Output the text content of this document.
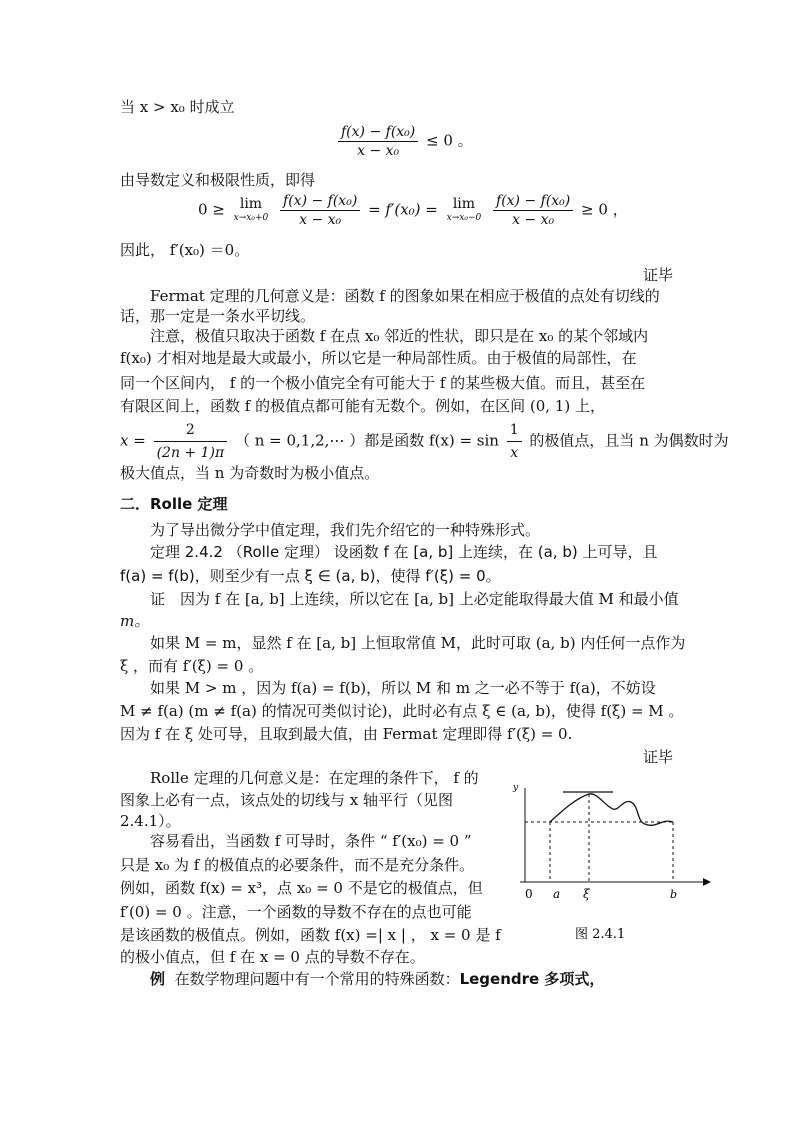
当 x > x₀ 时成立
$\frac{\text{f(x) − f(x₀)}}{\text{x − x₀}} \le 0$ 。
由导数定义和极限性质，即得
0 ≥	lim
x→x₀+0
$\frac{\text{f(x) − f(x₀)}}{\text{x − x₀}} = f'(x_0)$ =	lim
x→x₀−0
$\frac{\text{f(x) − f(x₀)}}{\text{x − x₀}} \ge 0$ ，
因此， f′(x₀) ＝0。
证毕
Fermat 定理的几何意义是：函数 f 的图象如果在相应于极值的点处有切线的
话，那一定是一条水平切线。
注意，极值只取决于函数 f 在点 x₀ 邻近的性状，即只是在 x₀ 的某个邻域内
f(x₀) 才相对地是最大或最小，所以它是一种局部性质。由于极值的局部性，在
同一个区间内， f 的一个极小值完全有可能大于 f 的某些极大值。而且，甚至在
有限区间上，函数 f 的极值点都可能有无数个。例如，在区间 (0, 1) 上，
$x = \frac{2}{(2n + 1)\pi}$ （ n = 0,1,2,⋯ ）都是函数 $f(x) = \sin \frac{1}{x}$ 的极值点，且当 n 为偶数时为
极大值点，当 n 为奇数时为极小值点。
二．Rolle 定理
为了导出微分学中值定理，我们先介绍它的一种特殊形式。
定理 2.4.2 （Rolle 定理） 设函数 f 在 [a, b] 上连续，在 (a, b) 上可导，且
f(a) = f(b)，则至少有一点 ξ ∈ (a, b)，使得 f′(ξ) = 0。
证　因为 f 在 [a, b] 上连续，所以它在 [a, b] 上必定能取得最大值 M 和最小值
m。
如果 M = m，显然 f 在 [a, b] 上恒取常值 M，此时可取 (a, b) 内任何一点作为
ξ ，而有 f′(ξ) = 0 。
如果 M > m ，因为 f(a) = f(b)，所以 M 和 m 之一必不等于 f(a)，不妨设
M ≠ f(a) (m ≠ f(a) 的情况可类似讨论)，此时必有点 ξ ∈ (a, b)，使得 f(ξ) = M 。
因为 f 在 ξ 处可导，且取到最大值，由 Fermat 定理即得 f′(ξ) = 0.
证毕
Rolle 定理的几何意义是：在定理的条件下， f 的
图象上必有一点，该点处的切线与 x 轴平行（见图
2.4.1）。
容易看出，当函数 f 可导时，条件 “ f′(x₀) = 0 ”
只是 x₀ 为 f 的极值点的必要条件，而不是充分条件。
例如，函数 f(x) = x³，点 x₀ = 0 不是它的极值点，但
f′(0) = 0 。注意，一个函数的导数不存在的点也可能
是该函数的极值点。例如，函数 f(x) =| x | ， x = 0 是 f
的极小值点，但 f 在 x = 0 点的导数不存在。
例 在数学物理问题中有一个常用的特殊函数：Legendre 多项式，
y
0 a ξ	b
图 2.4.1
